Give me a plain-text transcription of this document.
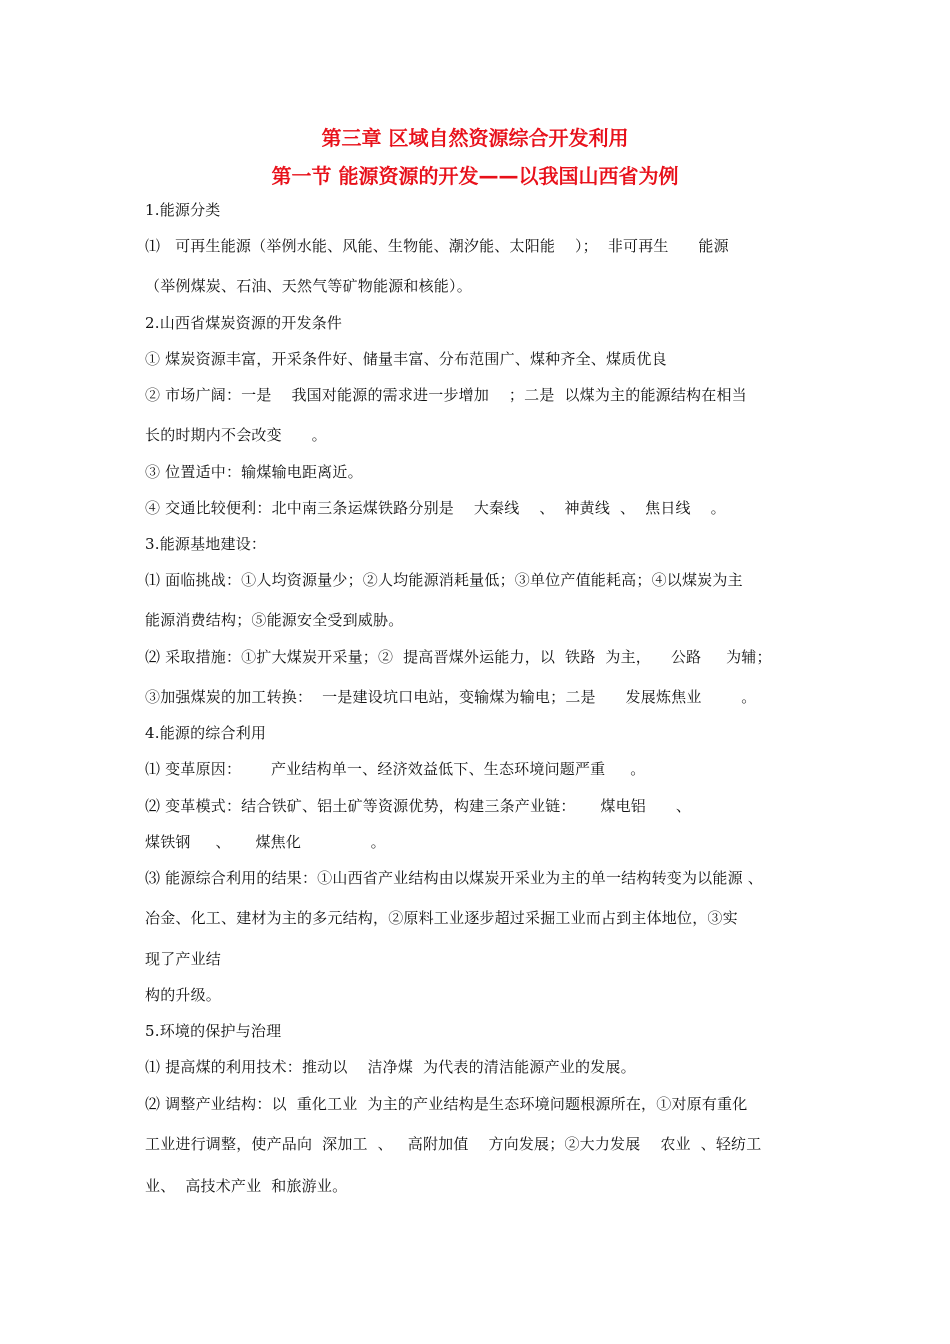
第三章 区域自然资源综合开发利用
第一节 能源资源的开发——以我国山西省为例
1.能源分类
⑴   可再生能源（举例水能、风能、生物能、潮汐能、太阳能    ）；  非可再生      能源
（举例煤炭、石油、天然气等矿物能源和核能）。
2.山西省煤炭资源的开发条件
① 煤炭资源丰富，开采条件好、储量丰富、分布范围广、煤种齐全、煤质优良
② 市场广阔：一是    我国对能源的需求进一步增加    ；二是  以煤为主的能源结构在相当
长的时期内不会改变      。
③ 位置适中：输煤输电距离近。
④ 交通比较便利：北中南三条运煤铁路分别是    大秦线    、  神黄线  、  焦日线    。
3.能源基地建设：
⑴ 面临挑战：①人均资源量少；②人均能源消耗量低；③单位产值能耗高；④以煤炭为主
能源消费结构；⑤能源安全受到威胁。
⑵ 采取措施：①扩大煤炭开采量；②  提高晋煤外运能力，以  铁路  为主，    公路     为辅；
③加强煤炭的加工转换：  一是建设坑口电站，变输煤为输电；二是      发展炼焦业        。
4.能源的综合利用
⑴ 变革原因：      产业结构单一、经济效益低下、生态环境问题严重     。
⑵ 变革模式：结合铁矿、铝土矿等资源优势，构建三条产业链：     煤电铝      、
煤铁钢     、     煤焦化              。
⑶ 能源综合利用的结果：①山西省产业结构由以煤炭开采业为主的单一结构转变为以能源 、
冶金、化工、建材为主的多元结构，②原料工业逐步超过采掘工业而占到主体地位，③实
现了产业结
构的升级。
5.环境的保护与治理
⑴ 提高煤的利用技术：推动以    洁净煤  为代表的清洁能源产业的发展。
⑵ 调整产业结构：以  重化工业  为主的产业结构是生态环境问题根源所在，①对原有重化
工业进行调整，使产品向  深加工  、   高附加值    方向发展；②大力发展    农业  、轻纺工
业、  高技术产业  和旅游业。
